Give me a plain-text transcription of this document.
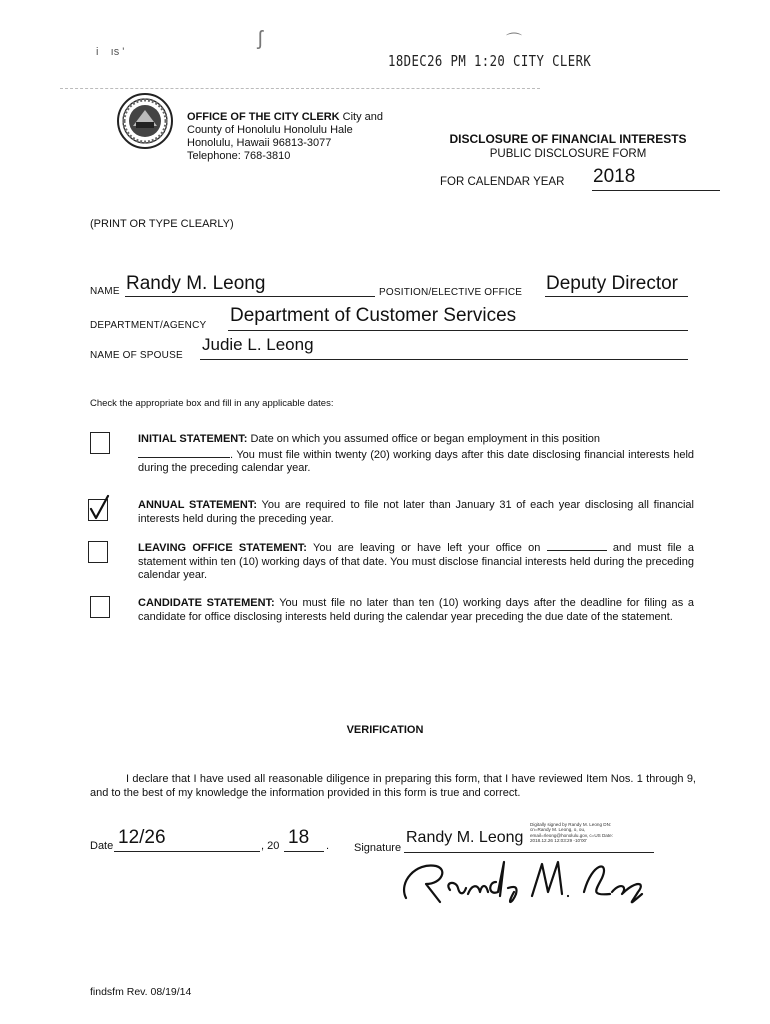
i    ıs '
ʃ	⌒
18DEC26 PM 1:20 CITY CLERK
OFFICE OF THE CITY CLERK City and
County of Honolulu Honolulu Hale
Honolulu, Hawaii 96813-3077
Telephone: 768-3810
DISCLOSURE OF FINANCIAL INTERESTS
PUBLIC DISCLOSURE FORM
FOR CALENDAR YEAR 2018
(PRINT OR TYPE CLEARLY)
NAME Randy M. Leong	POSITION/ELECTIVE OFFICE Deputy Director
DEPARTMENT/AGENCY Department of Customer Services
NAME OF SPOUSE
Judie L. Leong
Check the appropriate box and fill in any applicable dates:
INITIAL STATEMENT: Date on which you assumed office or began employment in this position
. You must file within twenty (20) working days after this date disclosing financial interests held during the preceding calendar year.
ANNUAL STATEMENT: You are required to file not later than January 31 of each year disclosing all financial interests held during the preceding year.
LEAVING OFFICE STATEMENT: You are leaving or have left your office on	and must file a statement within ten (10) working days of that date. You must disclose financial interests held during the preceding calendar year.
CANDIDATE STATEMENT: You must file no later than ten (10) working days after the deadline for filing as a candidate for office disclosing interests held during the calendar year preceding the due date of the statement.
VERIFICATION
I declare that I have used all reasonable diligence in preparing this form, that I have reviewed Item Nos. 1 through 9, and to the best of my knowledge the information provided in this form is true and correct.
Date 12/26	, 20 18 . Signature
Randy M. Leong
Digitally signed by Randy M. Leong DN: cn=Randy M. Leong, o, ou, email=rleong@honolulu.gov, c=US Date: 2018.12.26 12:03:29 -10'00'
findsfm Rev. 08/19/14
